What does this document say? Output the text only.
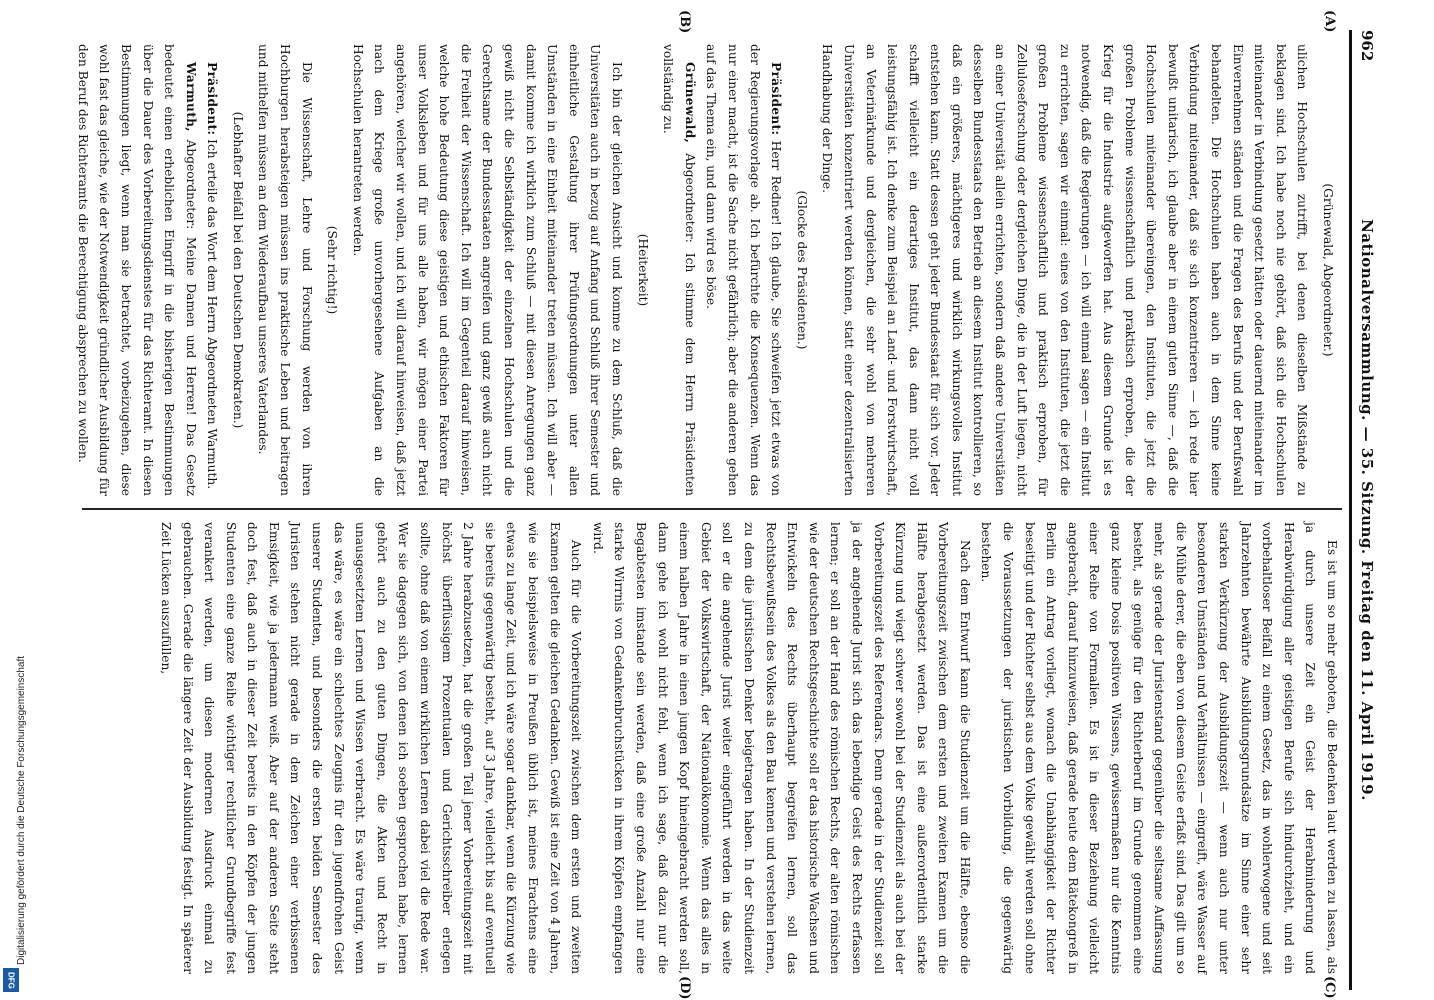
Digitalisierung gefördert durch die Deutsche Forschungsgemeinschaft
DFG
962
Nationalversammlung. — 35. Sitzung. Freitag den 11. April 1919.
(A)
(B)
(C)
(D)

(Grünewald, Abgeordneter.)

ulichen Hochschulen zutrifft, bei denen dieselben Mißstände zu beklagen sind. Ich habe noch nie gehört, daß sich die Hochschulen miteinander in Verbindung gesetzt hätten oder dauernd miteinander im Einvernehmen ständen und die Fragen des Berufs und der Berufswahl behandelten. Die Hochschulen haben auch in dem Sinne keine Verbindung miteinander, daß sie sich konzentrieren — ich rede hier bewußt unitarisch, ich glaube aber in einem guten Sinne —, daß die Hochschulen miteinander übereingen, den Instituten, die jetzt die großen Probleme wissenschaftlich und praktisch erproben, die der Krieg für die Industrie aufgeworfen hat. Aus diesem Grunde ist es notwendig, daß die Regierungen — ich will einmal sagen — ein Institut zu errichten, sagen wir einmal: eines von den Instituten, die jetzt die großen Probleme wissenschaftlich und praktisch erproben, für Zelluloseforschung oder dergleichen Dinge, die in der Luft liegen, nicht an einer Universität allein errichten, sondern daß andere Universitäten desselben Bundesstaats den Betrieb an diesem Institut kontrollieren, so daß ein größeres, mächtigeres und wirklich wirkungsvolles Institut entstehen kann. Statt dessen geht jeder Bundesstaat für sich vor. Jeder schafft vielleicht ein derartiges Institut, das dann nicht voll leistungsfähig ist. Ich denke zum Beispiel an Land- und Forstwirtschaft, an Veterinärkunde und dergleichen, die sehr wohl von mehreren Universitäten konzentriert werden können, statt einer dezentralisierten Handhabung der Dinge.

(Glocke des Präsidenten.)

Präsident: Herr Redner! Ich glaube, Sie schweifen jetzt etwas von der Regierungsvorlage ab. Ich befürchte die Konsequenzen. Wenn das nur einer macht, ist die Sache nicht gefährlich; aber die anderen gehen auf das Thema ein, und dann wird es böse.

Grünewald, Abgeordneter: Ich stimme dem Herrn Präsidenten vollständig zu.

(Heiterkeit)

Ich bin der gleichen Ansicht und komme zu dem Schluß, daß die Universitäten auch in bezug auf Anfang und Schluß ihrer Semester und einheitliche Gestaltung ihrer Prüfungsordnungen unter allen Umständen in eine Einheit miteinander treten müssen. Ich will aber — damit komme ich wirklich zum Schluß — mit diesen Anregungen ganz gewiß nicht die Selbständigkeit der einzelnen Hochschulen und die Gerechtsame der Bundesstaaten angreifen und ganz gewiß auch nicht die Freiheit der Wissenschaft. Ich will im Gegenteil darauf hinweisen, welche hohe Bedeutung diese geistigen und ethischen Faktoren für unser Volksleben und für uns alle haben, wir mögen einer Partei angehören, welcher wir wollen, und ich will darauf hinweisen, daß jetzt nach dem Kriege große unvorhergesehene Aufgaben an die Hochschulen herantreten werden.

(Sehr richtig!)

Die Wissenschaft, Lehre und Forschung werden von ihren Hochburgen herabsteigen müssen ins praktische Leben und beitragen und mithelfen müssen an dem Wiederaufbau unseres Vaterlandes.

(Lebhafter Beifall bei den Deutschen Demokraten.)

Präsident: Ich erteile das Wort dem Herrn Abgeordneten Warmuth.

Warmuth, Abgeordneter: Meine Damen und Herren! Das Gesetz bedeutet einen erheblichen Eingriff in die bisherigen Bestimmungen über die Dauer des Vorbereitungsdienstes für das Richteramt. In diesen Bestimmungen liegt, wenn man sie betrachtet, vorbeizugehen, diese wohl fast das gleiche, wie der Notwendigkeit gründlicher Ausbildung für den Beruf des Richteramts die Berechtigung absprechen zu wollen.

Es ist um so mehr geboten, die Bedenken laut werden zu lassen, als ja durch unsere Zeit ein Geist der Herabminderung und Herabwürdigung aller geistigen Berufe sich hindurchzieht, und ein vorbehaltloser Beifall zu einem Gesetz, das in wohlerwogene und seit Jahrzehnten bewährte Ausbildungsgrundsätze im Sinne einer sehr starken Verkürzung der Ausbildungszeit — wenn auch nur unter besonderen Umständen und Verhältnissen — eingreift, wäre Wasser auf die Mühle derer, die eben von diesem Geiste erfaßt sind. Das gilt um so mehr, als gerade der Juristenstand gegenüber die seltsame Auffassung besteht, als genüge für den Richterberuf im Grunde genommen eine ganz kleine Dosis positiven Wissens, gewissermaßen nur die Kenntnis einer Reihe von Formalien. Es ist in dieser Beziehung vielleicht angebracht, darauf hinzuweisen, daß gerade heute dem Rätekongreß in Berlin ein Antrag vorliegt, wonach die Unabhängigkeit der Richter beseitigt und der Richter selbst aus dem Volke gewählt werden soll ohne die Voraussetzungen der juristischen Vorbildung, die gegenwärtig bestehen.

Nach dem Entwurf kann die Studienzeit um die Hälfte, ebenso die Vorbereitungszeit zwischen dem ersten und zweiten Examen um die Hälfte herabgesetzt werden. Das ist eine außerordentlich starke Kürzung und wiegt schwer sowohl bei der Studienzeit als auch bei der Vorbereitungszeit des Referendars. Denn gerade in der Studienzeit soll ja der angehende Jurist sich das lebendige Geist des Rechts erfassen lernen; er soll an der Hand des römischen Rechts, der alten römischen wie der deutschen Rechtsgeschichte soll er das historische Wachsen und Entwickeln des Rechts überhaupt begreifen lernen, soll das Rechtsbewußtsein des Volkes als den Bau kennen und verstehen lernen, zu dem die juristischen Denker beigetragen haben. In der Studienzeit soll er die angehende Jurist weiter eingeführt werden in das weite Gebiet der Volkswirtschaft, der Nationalökonomie. Wenn das alles in einem halben Jahre in einen jungen Kopf hineingebracht werden soll, dann gehe ich wohl nicht fehl, wenn ich sage, daß dazu nur die Begabtesten imstande sein werden, daß eine große Anzahl nur eine starke Wirrnis von Gedankenbruchstücken in ihrem Köpfen empfangen wird.

Auch für die Vorbereitungszeit zwischen dem ersten und zweiten Examen gelten die gleichen Gedanken. Gewiß ist eine Zeit von 4 Jahren, wie sie beispielsweise in Preußen üblich ist, meines Erachtens eine etwas zu lange Zeit, und ich wäre sogar dankbar, wenn die Kürzung wie sie bereits gegenwärtig besteht, auf 3 Jahre, vielleicht bis auf eventuell 2 Jahre herabzusetzen, hat die großen Teil jener Vorbereitungszeit mit höchst überflüssigem Prozentualen und Gerichtsschreiber erlegen sollte, ohne daß von einem wirklichen Lernen dabei viel die Rede war. Wer sie dagegen sich, von denen ich soeben gesprochen habe, lernen gehört auch zu den guten Dingen, die Akten und Recht in unausgesetztem Lernen und Wissen verbracht. Es wäre traurig, wenn das wäre, es wäre ein schlechtes Zeugnis für den jugendfrohen Geist unserer Studenten, und besonders die ersten beiden Semester des Juristen stehen nicht gerade in dem Zeichen einer verbissenen Emsigkeit, wie ja jedermann weiß. Aber auf der anderen Seite steht doch fest, daß auch in dieser Zeit bereits in den Köpfen der jungen Studenten eine ganze Reihe wichtiger rechtlicher Grundbegriffe fest verankert werden, um diesen modernen Ausdruck einmal zu gebrauchen. Gerade die längere Zeit der Ausbildung festigt. In späterer Zeit Lücken auszufüllen,
